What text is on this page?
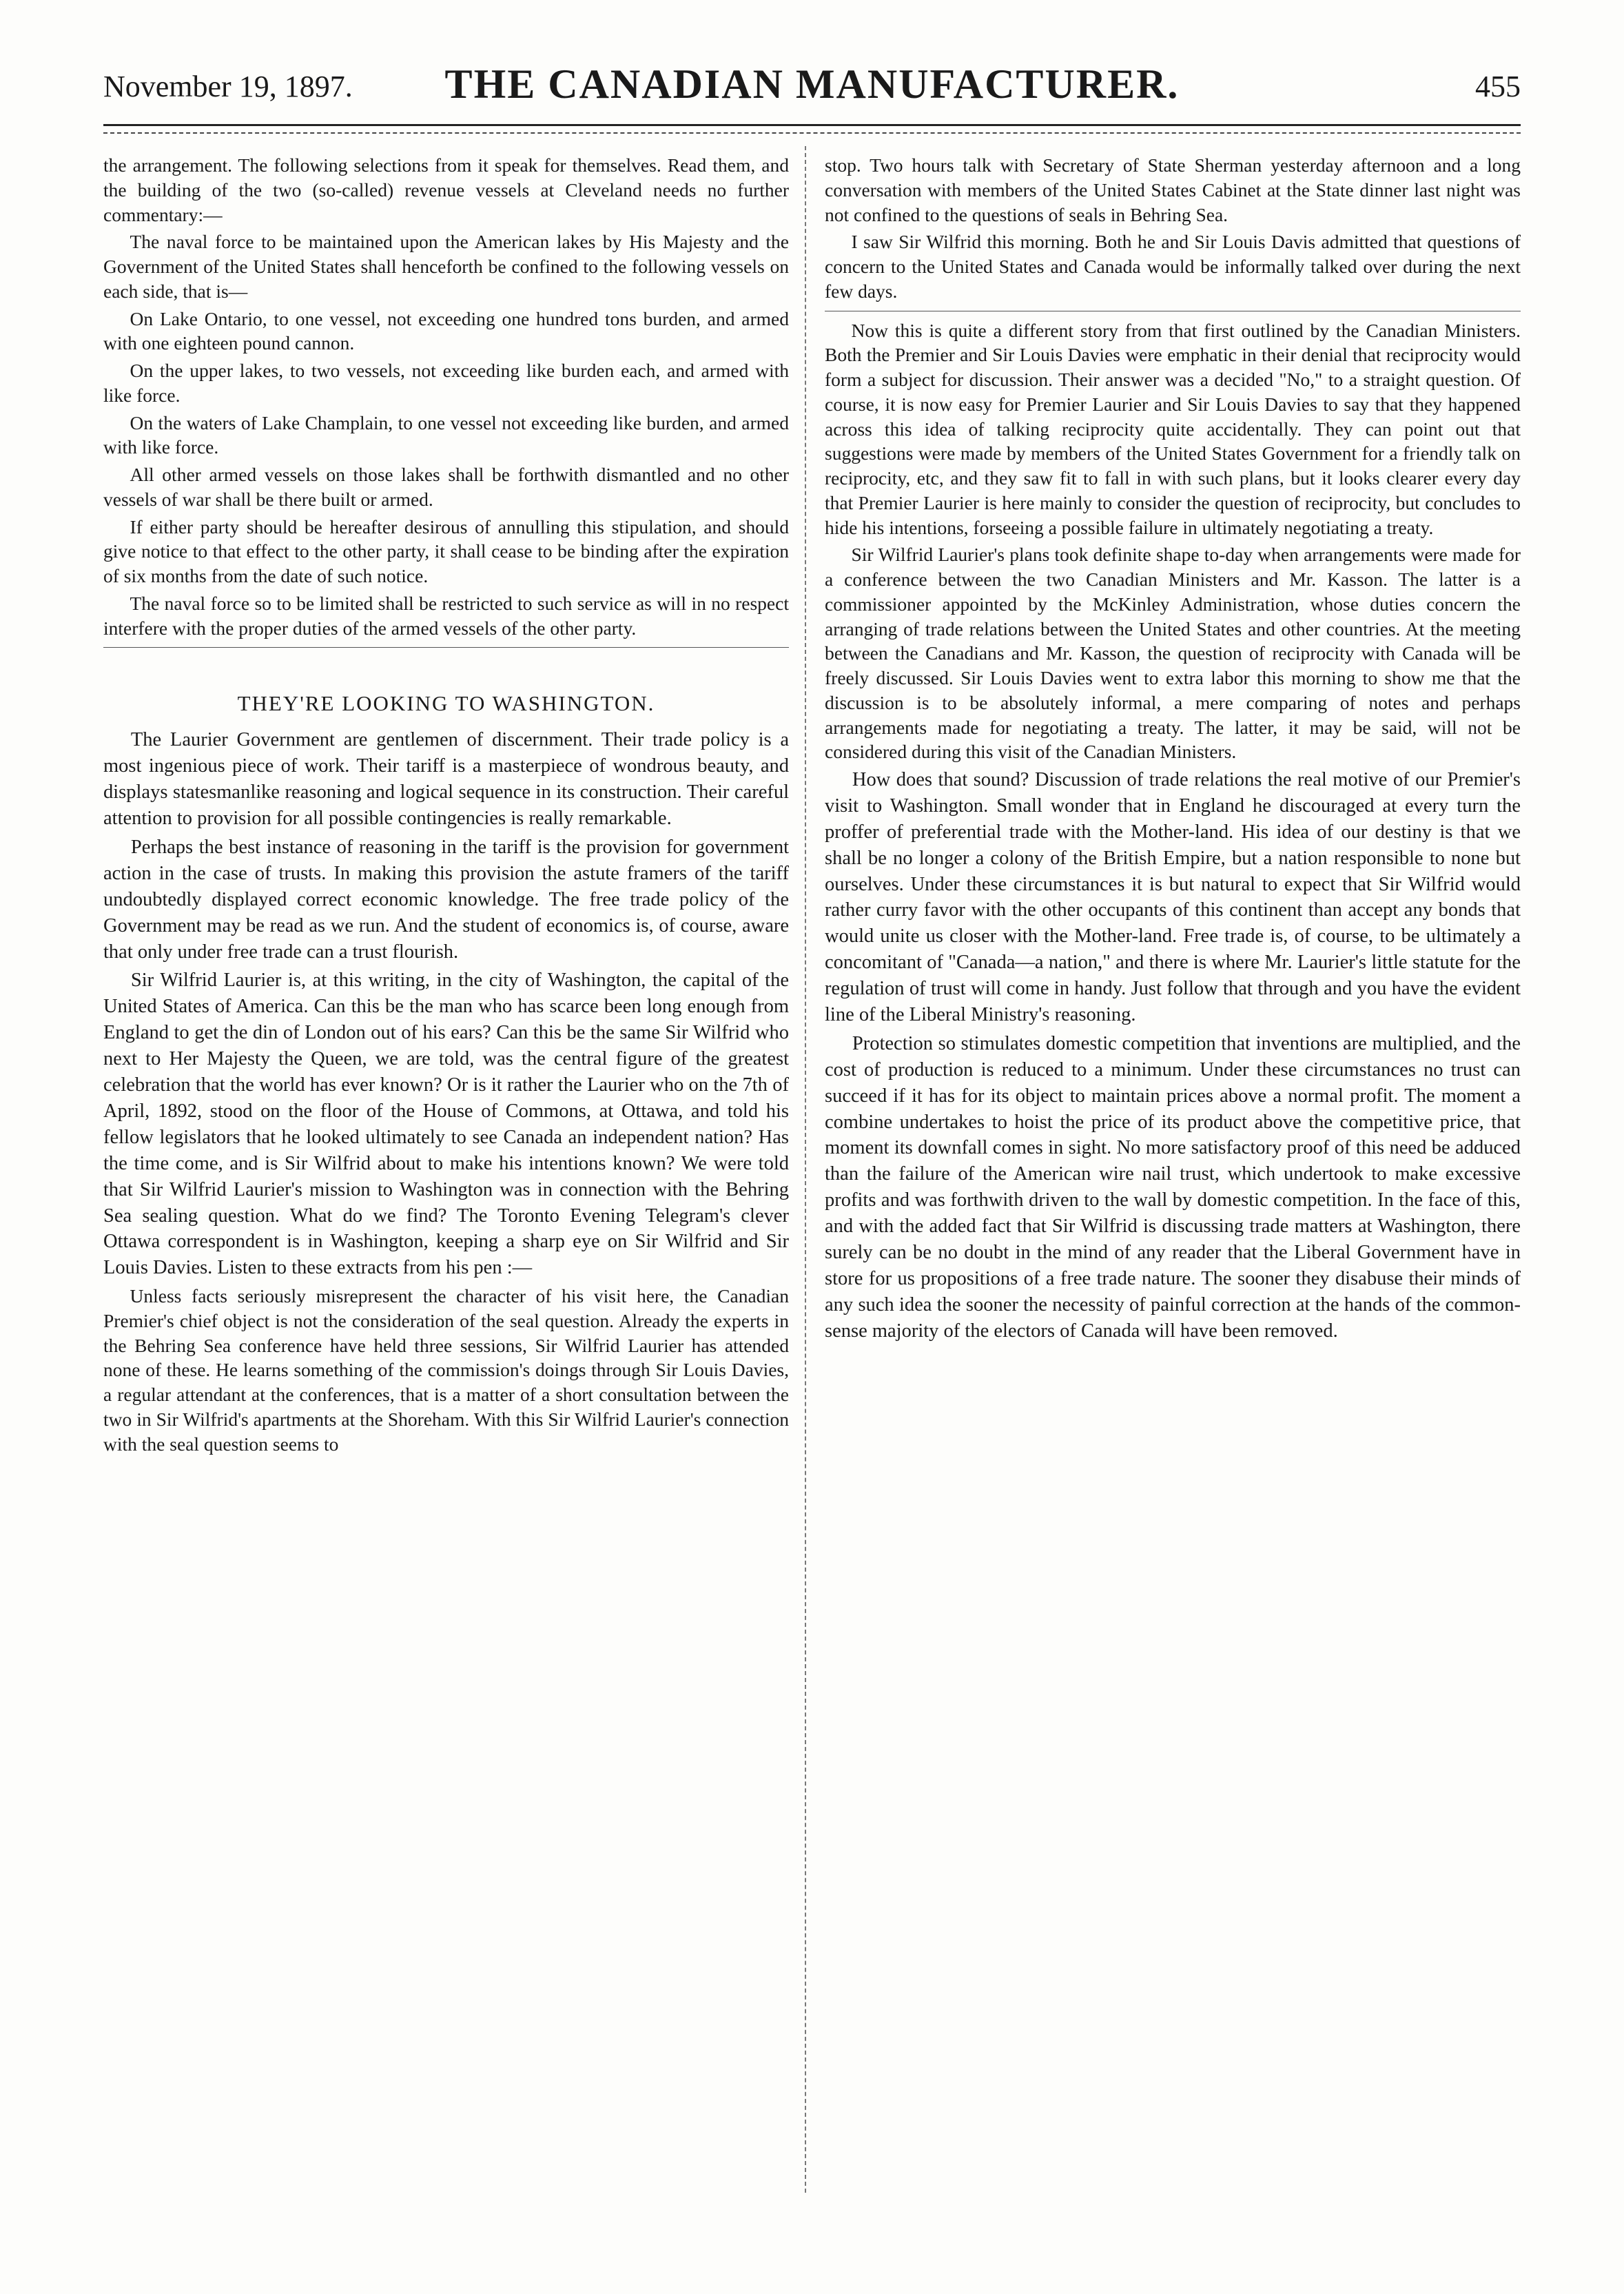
November 19, 1897.	THE CANADIAN MANUFACTURER.	455

the arrangement. The following selections from it speak for themselves. Read them, and the building of the two (so-called) revenue vessels at Cleveland needs no further commentary:—

The naval force to be maintained upon the American lakes by His Majesty and the Government of the United States shall henceforth be confined to the following vessels on each side, that is—

On Lake Ontario, to one vessel, not exceeding one hundred tons burden, and armed with one eighteen pound cannon.

On the upper lakes, to two vessels, not exceeding like burden each, and armed with like force.

On the waters of Lake Champlain, to one vessel not exceeding like burden, and armed with like force.

All other armed vessels on those lakes shall be forthwith dismantled and no other vessels of war shall be there built or armed.

If either party should be hereafter desirous of annulling this stipulation, and should give notice to that effect to the other party, it shall cease to be binding after the expiration of six months from the date of such notice.

The naval force so to be limited shall be restricted to such service as will in no respect interfere with the proper duties of the armed vessels of the other party.

THEY'RE LOOKING TO WASHINGTON.

The Laurier Government are gentlemen of discernment. Their trade policy is a most ingenious piece of work. Their tariff is a masterpiece of wondrous beauty, and displays statesmanlike reasoning and logical sequence in its construction. Their careful attention to provision for all possible contingencies is really remarkable.

Perhaps the best instance of reasoning in the tariff is the provision for government action in the case of trusts. In making this provision the astute framers of the tariff undoubtedly displayed correct economic knowledge. The free trade policy of the Government may be read as we run. And the student of economics is, of course, aware that only under free trade can a trust flourish.

Sir Wilfrid Laurier is, at this writing, in the city of Washington, the capital of the United States of America. Can this be the man who has scarce been long enough from England to get the din of London out of his ears? Can this be the same Sir Wilfrid who next to Her Majesty the Queen, we are told, was the central figure of the greatest celebration that the world has ever known? Or is it rather the Laurier who on the 7th of April, 1892, stood on the floor of the House of Commons, at Ottawa, and told his fellow legislators that he looked ultimately to see Canada an independent nation? Has the time come, and is Sir Wilfrid about to make his intentions known? We were told that Sir Wilfrid Laurier's mission to Washington was in connection with the Behring Sea sealing question. What do we find? The Toronto Evening Telegram's clever Ottawa correspondent is in Washington, keeping a sharp eye on Sir Wilfrid and Sir Louis Davies. Listen to these extracts from his pen :—

Unless facts seriously misrepresent the character of his visit here, the Canadian Premier's chief object is not the consideration of the seal question. Already the experts in the Behring Sea conference have held three sessions, Sir Wilfrid Laurier has attended none of these. He learns something of the commission's doings through Sir Louis Davies, a regular attendant at the conferences, that is a matter of a short consultation between the two in Sir Wilfrid's apartments at the Shoreham. With this Sir Wilfrid Laurier's connection with the seal question seems to

stop. Two hours talk with Secretary of State Sherman yesterday afternoon and a long conversation with members of the United States Cabinet at the State dinner last night was not confined to the questions of seals in Behring Sea.

I saw Sir Wilfrid this morning. Both he and Sir Louis Davis admitted that questions of concern to the United States and Canada would be informally talked over during the next few days.

Now this is quite a different story from that first outlined by the Canadian Ministers. Both the Premier and Sir Louis Davies were emphatic in their denial that reciprocity would form a subject for discussion. Their answer was a decided "No," to a straight question. Of course, it is now easy for Premier Laurier and Sir Louis Davies to say that they happened across this idea of talking reciprocity quite accidentally. They can point out that suggestions were made by members of the United States Government for a friendly talk on reciprocity, etc, and they saw fit to fall in with such plans, but it looks clearer every day that Premier Laurier is here mainly to consider the question of reciprocity, but concludes to hide his intentions, forseeing a possible failure in ultimately negotiating a treaty.

Sir Wilfrid Laurier's plans took definite shape to-day when arrangements were made for a conference between the two Canadian Ministers and Mr. Kasson. The latter is a commissioner appointed by the McKinley Administration, whose duties concern the arranging of trade relations between the United States and other countries. At the meeting between the Canadians and Mr. Kasson, the question of reciprocity with Canada will be freely discussed. Sir Louis Davies went to extra labor this morning to show me that the discussion is to be absolutely informal, a mere comparing of notes and perhaps arrangements made for negotiating a treaty. The latter, it may be said, will not be considered during this visit of the Canadian Ministers.

How does that sound? Discussion of trade relations the real motive of our Premier's visit to Washington. Small wonder that in England he discouraged at every turn the proffer of preferential trade with the Mother-land. His idea of our destiny is that we shall be no longer a colony of the British Empire, but a nation responsible to none but ourselves. Under these circumstances it is but natural to expect that Sir Wilfrid would rather curry favor with the other occupants of this continent than accept any bonds that would unite us closer with the Mother-land. Free trade is, of course, to be ultimately a concomitant of "Canada—a nation," and there is where Mr. Laurier's little statute for the regulation of trust will come in handy. Just follow that through and you have the evident line of the Liberal Ministry's reasoning.

Protection so stimulates domestic competition that inventions are multiplied, and the cost of production is reduced to a minimum. Under these circumstances no trust can succeed if it has for its object to maintain prices above a normal profit. The moment a combine undertakes to hoist the price of its product above the competitive price, that moment its downfall comes in sight. No more satisfactory proof of this need be adduced than the failure of the American wire nail trust, which undertook to make excessive profits and was forthwith driven to the wall by domestic competition. In the face of this, and with the added fact that Sir Wilfrid is discussing trade matters at Washington, there surely can be no doubt in the mind of any reader that the Liberal Government have in store for us propositions of a free trade nature. The sooner they disabuse their minds of any such idea the sooner the necessity of painful correction at the hands of the common-sense majority of the electors of Canada will have been removed.
